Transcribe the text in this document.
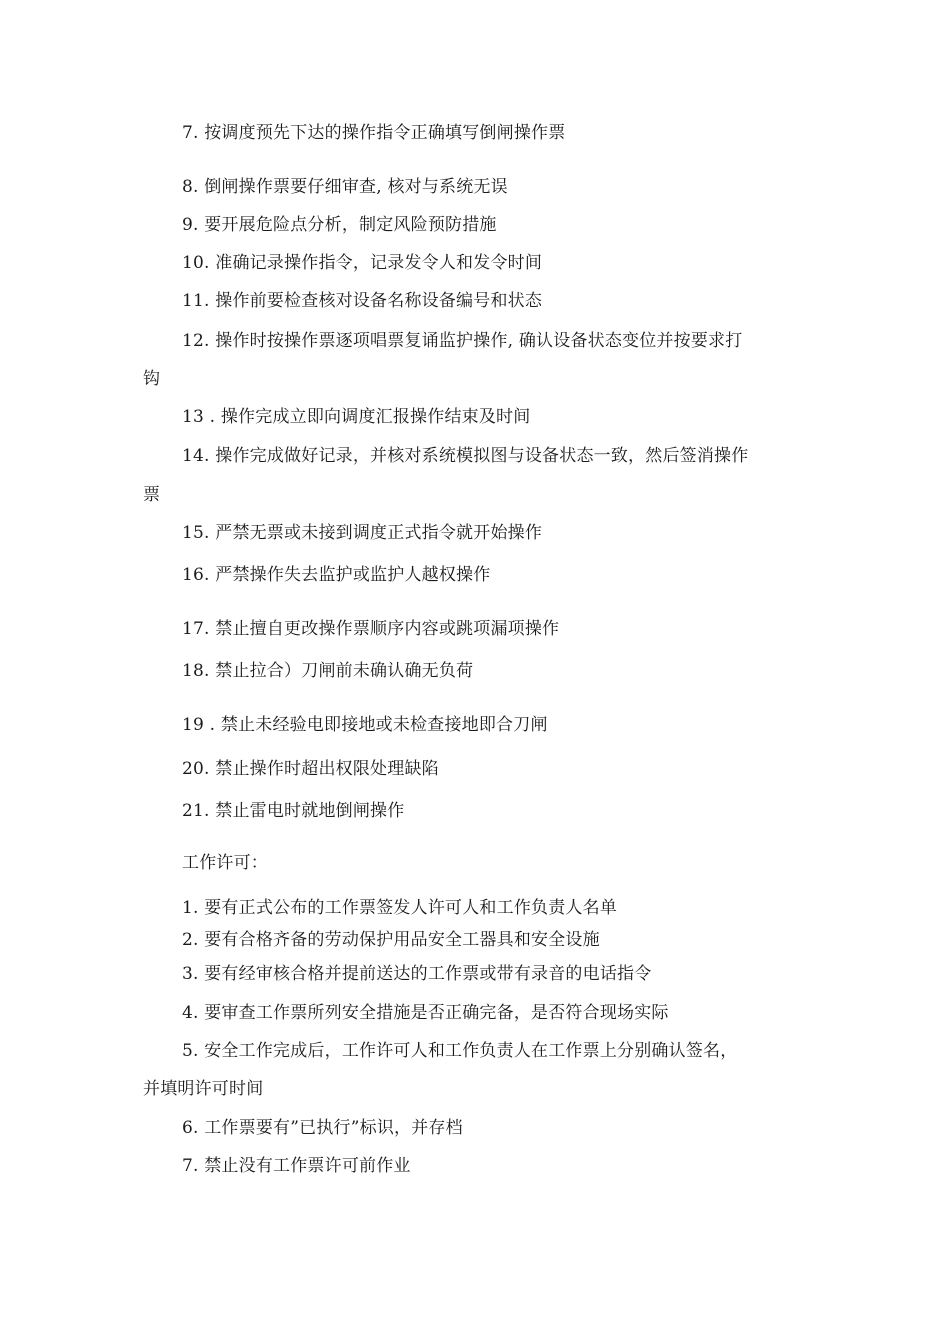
7. 按调度预先下达的操作指令正确填写倒闸操作票
8. 倒闸操作票要仔细审查, 核对与系统无误
9. 要开展危险点分析，制定风险预防措施
10. 准确记录操作指令，记录发令人和发令时间
11. 操作前要检查核对设备名称设备编号和状态
12. 操作时按操作票逐项唱票复诵监护操作, 确认设备状态变位并按要求打
钩
13 . 操作完成立即向调度汇报操作结束及时间
14. 操作完成做好记录，并核对系统模拟图与设备状态一致，然后签消操作
票
15. 严禁无票或未接到调度正式指令就开始操作
16. 严禁操作失去监护或监护人越权操作
17. 禁止擅自更改操作票顺序内容或跳项漏项操作
18. 禁止拉合）刀闸前未确认确无负荷
19 . 禁止未经验电即接地或未检查接地即合刀闸
20. 禁止操作时超出权限处理缺陷
21. 禁止雷电时就地倒闸操作
工作许可：
1. 要有正式公布的工作票签发人许可人和工作负责人名单
2. 要有合格齐备的劳动保护用品安全工器具和安全设施
3. 要有经审核合格并提前送达的工作票或带有录音的电话指令
4. 要审查工作票所列安全措施是否正确完备，是否符合现场实际
5. 安全工作完成后，工作许可人和工作负责人在工作票上分别确认签名，
并填明许可时间
6. 工作票要有”已执行”标识，并存档
7. 禁止没有工作票许可前作业
